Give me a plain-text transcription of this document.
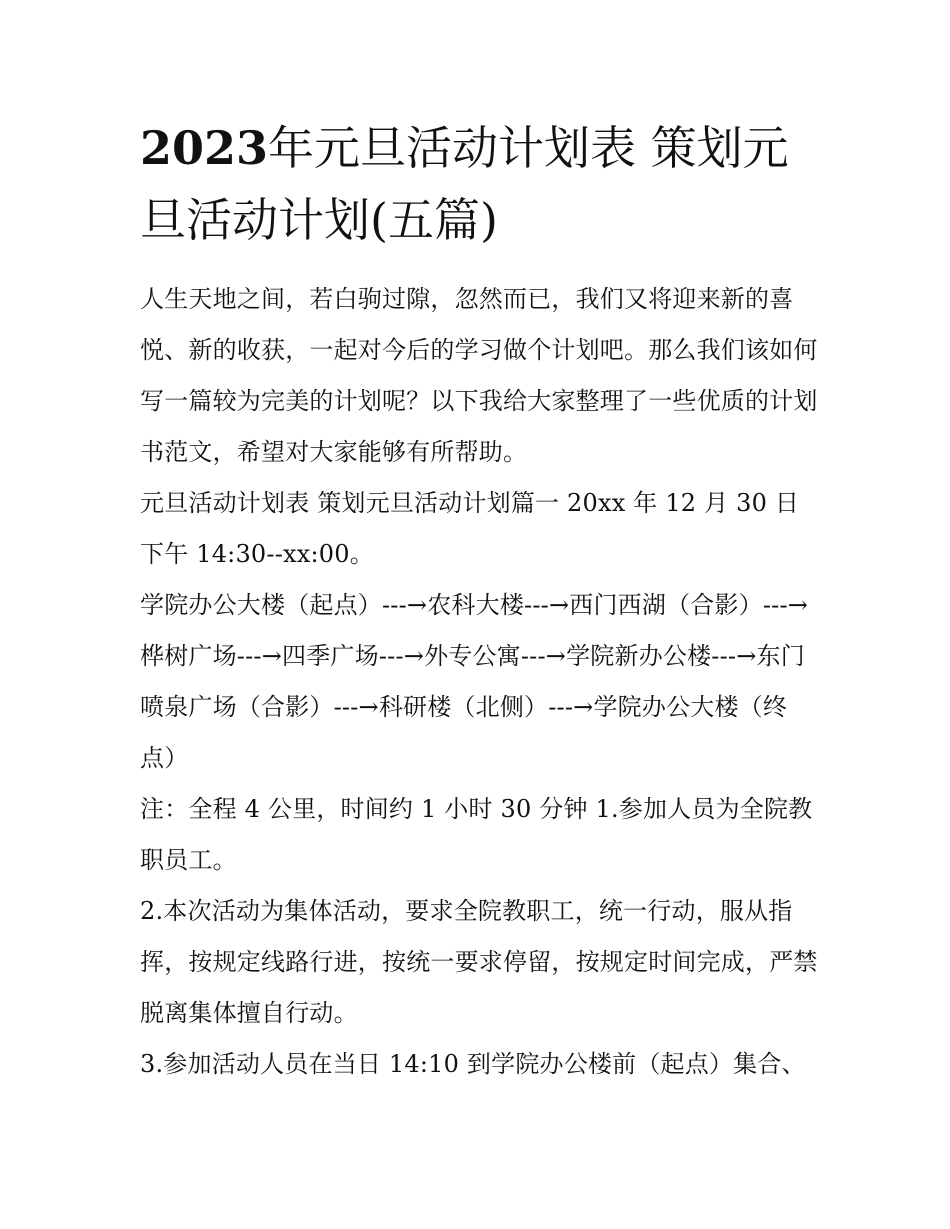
2023年元旦活动计划表 策划元旦活动计划(五篇)

人生天地之间，若白驹过隙，忽然而已，我们又将迎来新的喜悦、新的收获，一起对今后的学习做个计划吧。那么我们该如何写一篇较为完美的计划呢？以下我给大家整理了一些优质的计划书范文，希望对大家能够有所帮助。

元旦活动计划表 策划元旦活动计划篇一 20xx 年 12 月 30 日下午 14:30--xx:00。

学院办公大楼（起点）---→农科大楼---→西门西湖（合影）---→桦树广场---→四季广场---→外专公寓---→学院新办公楼---→东门喷泉广场（合影）---→科研楼（北侧）---→学院办公大楼（终点）

注：全程 4 公里，时间约 1 小时 30 分钟 1.参加人员为全院教职员工。

2.本次活动为集体活动，要求全院教职工，统一行动，服从指挥，按规定线路行进，按统一要求停留，按规定时间完成，严禁脱离集体擅自行动。

3.参加活动人员在当日 14:10 到学院办公楼前（起点）集合、
